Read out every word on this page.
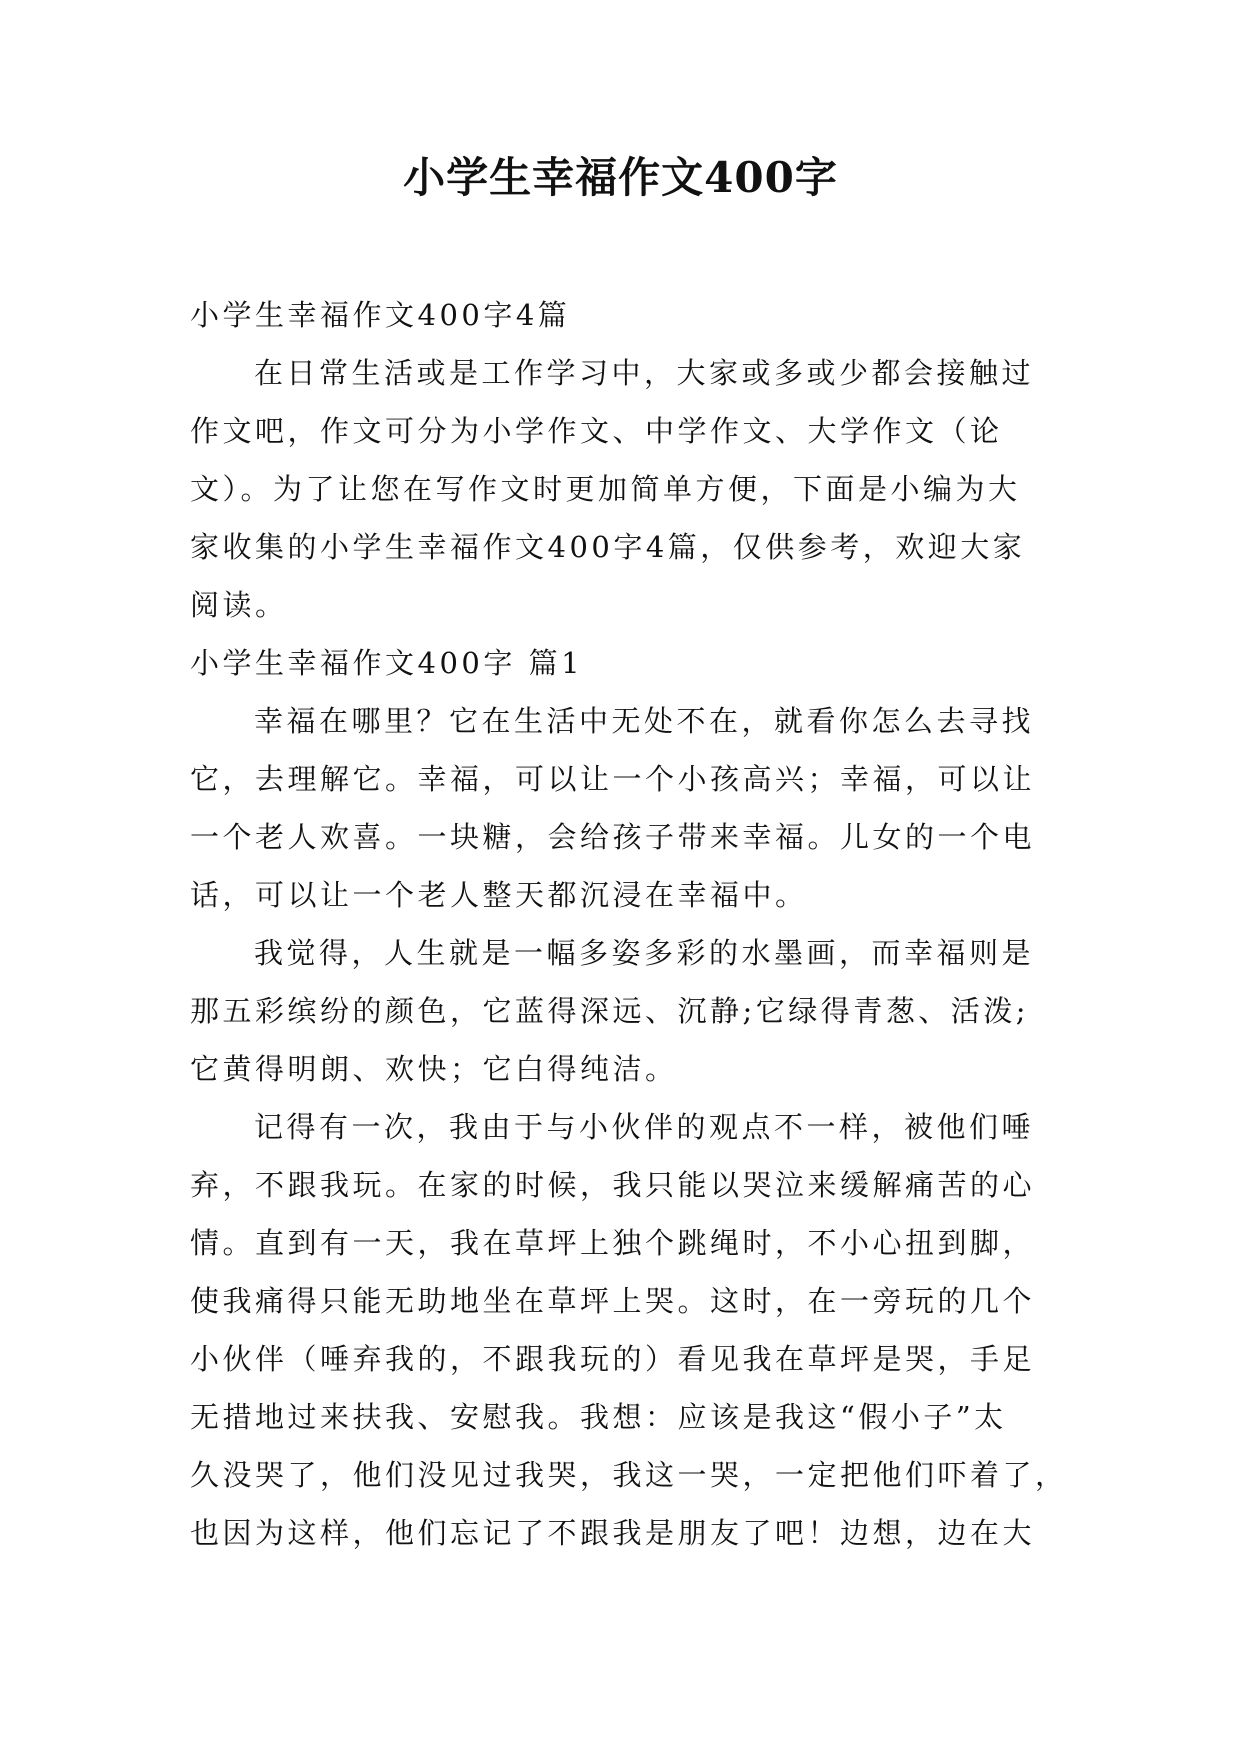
小学生幸福作文400字

小学生幸福作文400字4篇

在日常生活或是工作学习中，大家或多或少都会接触过

作文吧，作文可分为小学作文、中学作文、大学作文（论

文）。为了让您在写作文时更加简单方便，下面是小编为大

家收集的小学生幸福作文400字4篇，仅供参考，欢迎大家

阅读。

小学生幸福作文400字 篇1

幸福在哪里？它在生活中无处不在，就看你怎么去寻找

它，去理解它。幸福，可以让一个小孩高兴；幸福，可以让

一个老人欢喜。一块糖，会给孩子带来幸福。儿女的一个电

话，可以让一个老人整天都沉浸在幸福中。

我觉得，人生就是一幅多姿多彩的水墨画，而幸福则是

那五彩缤纷的颜色，它蓝得深远、沉静;它绿得青葱、活泼;

它黄得明朗、欢快；它白得纯洁。

记得有一次，我由于与小伙伴的观点不一样，被他们唾

弃，不跟我玩。在家的时候，我只能以哭泣来缓解痛苦的心

情。直到有一天，我在草坪上独个跳绳时，不小心扭到脚，

使我痛得只能无助地坐在草坪上哭。这时，在一旁玩的几个

小伙伴（唾弃我的，不跟我玩的）看见我在草坪是哭，手足

无措地过来扶我、安慰我。我想：应该是我这“假小子”太

久没哭了，他们没见过我哭，我这一哭，一定把他们吓着了，

也因为这样，他们忘记了不跟我是朋友了吧！边想，边在大
